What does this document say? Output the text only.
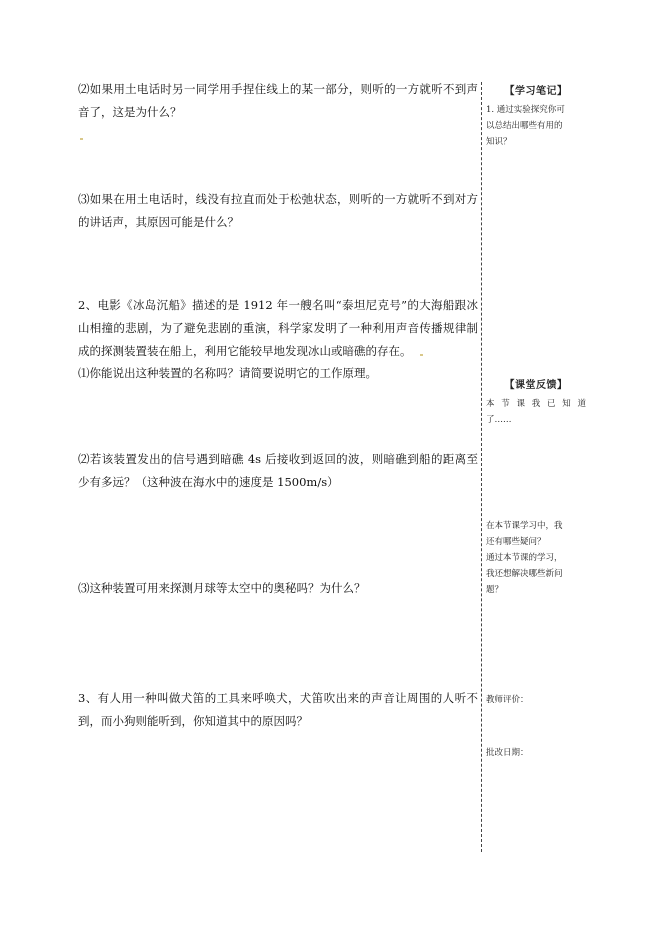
⑵如果用土电话时另一同学用手捏住线上的某一部分，则听的一方就听不到声

音了，这是为什么？

⑶如果在用土电话时，线没有拉直而处于松弛状态，则听的一方就听不到对方

的讲话声，其原因可能是什么？

2、电影《冰岛沉船》描述的是 1912 年一艘名叫“泰坦尼克号”的大海船跟冰

山相撞的悲剧，为了避免悲剧的重演，科学家发明了一种利用声音传播规律制

成的探测装置装在船上，利用它能较早地发现冰山或暗礁的存在。

⑴你能说出这种装置的名称吗？请简要说明它的工作原理。

⑵若该装置发出的信号遇到暗礁 4s 后接收到返回的波，则暗礁到船的距离至

少有多远？（这种波在海水中的速度是 1500m/s）

⑶这种装置可用来探测月球等太空中的奥秘吗？为什么？

3、有人用一种叫做犬笛的工具来呼唤犬，犬笛吹出来的声音让周围的人听不

到，而小狗则能听到，你知道其中的原因吗？

【学习笔记】
1. 通过实验探究你可
以总结出哪些有用的
知识？
【课堂反馈】
本 节 课 我 已 知 道
了……
在本节课学习中，我
还有哪些疑问？
通过本节课的学习，
我还想解决哪些新问
题？
教师评价：
批改日期：
